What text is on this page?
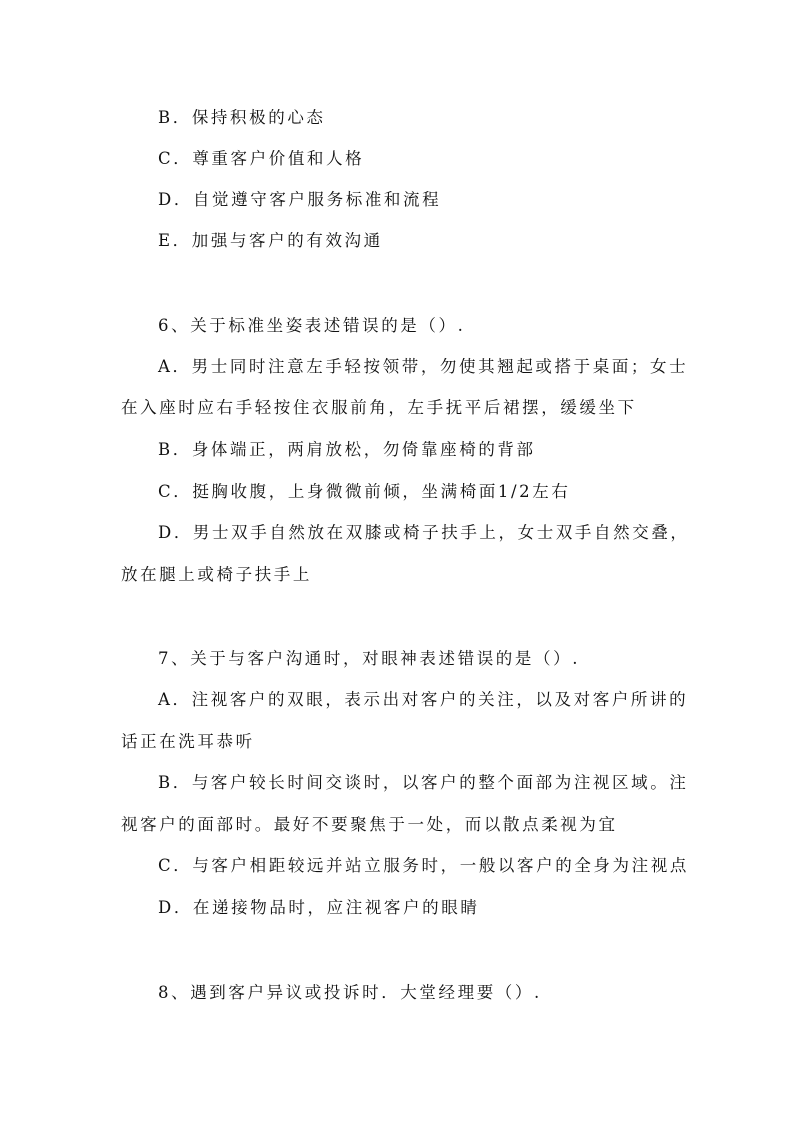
B．保持积极的心态
C．尊重客户价值和人格
D．自觉遵守客户服务标准和流程
E．加强与客户的有效沟通
6、关于标准坐姿表述错误的是（）.
A．男士同时注意左手轻按领带，勿使其翘起或搭于桌面；女士
在入座时应右手轻按住衣服前角，左手抚平后裙摆，缓缓坐下
B．身体端正，两肩放松，勿倚靠座椅的背部
C．挺胸收腹，上身微微前倾，坐满椅面1/2左右
D．男士双手自然放在双膝或椅子扶手上，女士双手自然交叠，
放在腿上或椅子扶手上
7、关于与客户沟通时，对眼神表述错误的是（）.
A．注视客户的双眼，表示出对客户的关注，以及对客户所讲的
话正在洗耳恭听
B．与客户较长时间交谈时，以客户的整个面部为注视区域。注
视客户的面部时。最好不要聚焦于一处，而以散点柔视为宜
C．与客户相距较远并站立服务时，一般以客户的全身为注视点
D．在递接物品时，应注视客户的眼睛
8、遇到客户异议或投诉时．大堂经理要（）.
